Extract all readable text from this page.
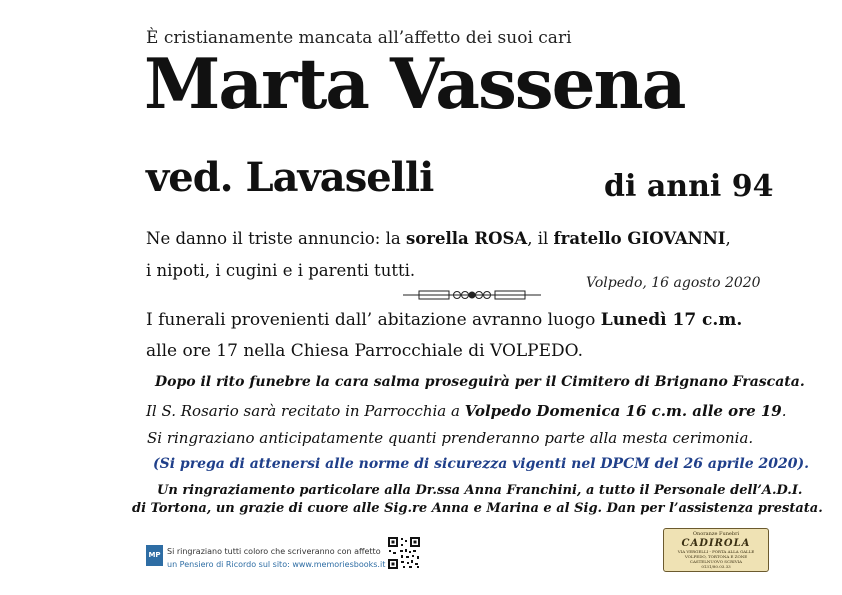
È cristianamente mancata all’affetto dei suoi cari
Marta Vassena
ved. Lavaselli	di anni 94
Ne danno il triste annuncio: la sorella ROSA, il fratello GIOVANNI,
i nipoti, i cugini e i parenti tutti.
Volpedo, 16 agosto 2020
I funerali provenienti dall’ abitazione avranno luogo Lunedì 17 c.m.
alle ore 17 nella Chiesa Parrocchiale di VOLPEDO.
Dopo il rito funebre la cara salma proseguirà per il Cimitero di Brignano Frascata.
Il S. Rosario sarà recitato in Parrocchia a Volpedo Domenica 16 c.m. alle ore 19.
Si ringraziano anticipatamente quanti prenderanno parte alla mesta cerimonia.
(Si prega di attenersi alle norme di sicurezza vigenti nel DPCM del 26 aprile 2020).
Un ringraziamento particolare alla Dr.ssa Anna Franchini, a tutto il Personale dell’A.D.I.
di Tortona, un grazie di cuore alle Sig.re Anna e Marina e al Sig. Dan per l’assistenza prestata.
MP Si ringraziano tutti coloro che scriveranno con affetto
un Pensiero di Ricordo sul sito: www.memoriesbooks.it
Onoranze Funebri
CADIROLA
VIA VERGELLI - PORTA ALLA GALLE
VOLPEDO, TORTONA E ZONE
CASTELNUOVO SCRIVIA
0131/80.03.33
